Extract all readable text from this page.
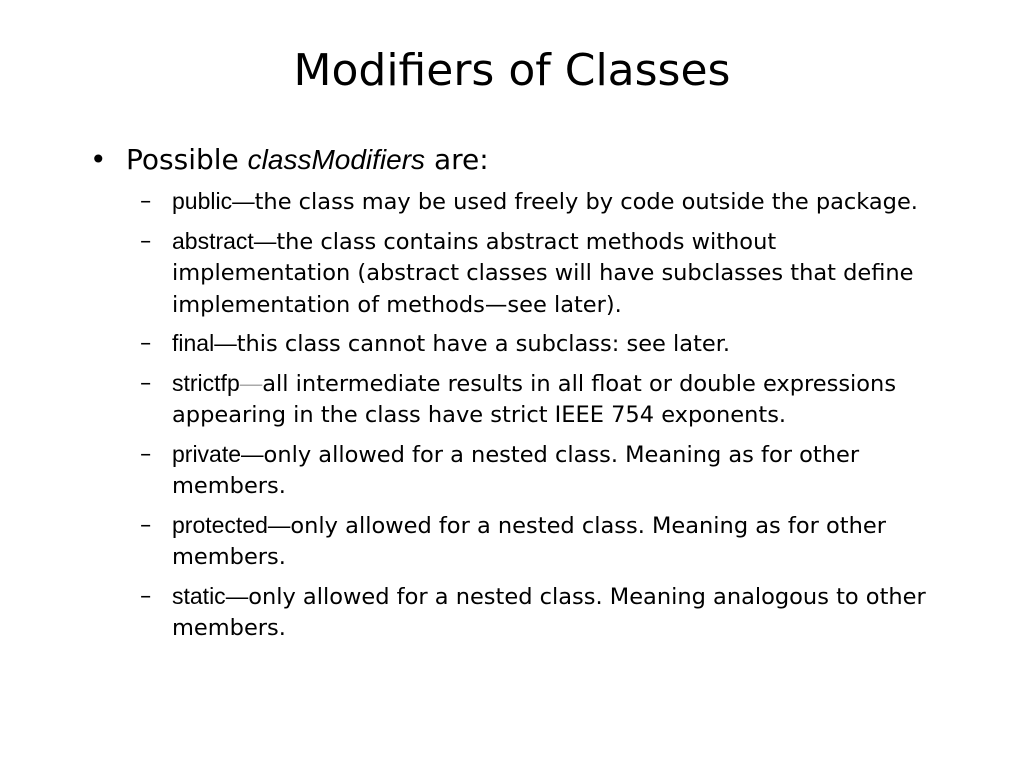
Modifiers of Classes
• Possible classModifiers are:
– public—the class may be used freely by code outside the package.
– abstract—the class contains abstract methods without implementation (abstract classes will have subclasses that define implementation of methods—see later).
– final—this class cannot have a subclass: see later.
– strictfp—all intermediate results in all float or double expressions appearing in the class have strict IEEE 754 exponents.
– private—only allowed for a nested class. Meaning as for other members.
– protected—only allowed for a nested class. Meaning as for other members.
– static—only allowed for a nested class. Meaning analogous to other members.
